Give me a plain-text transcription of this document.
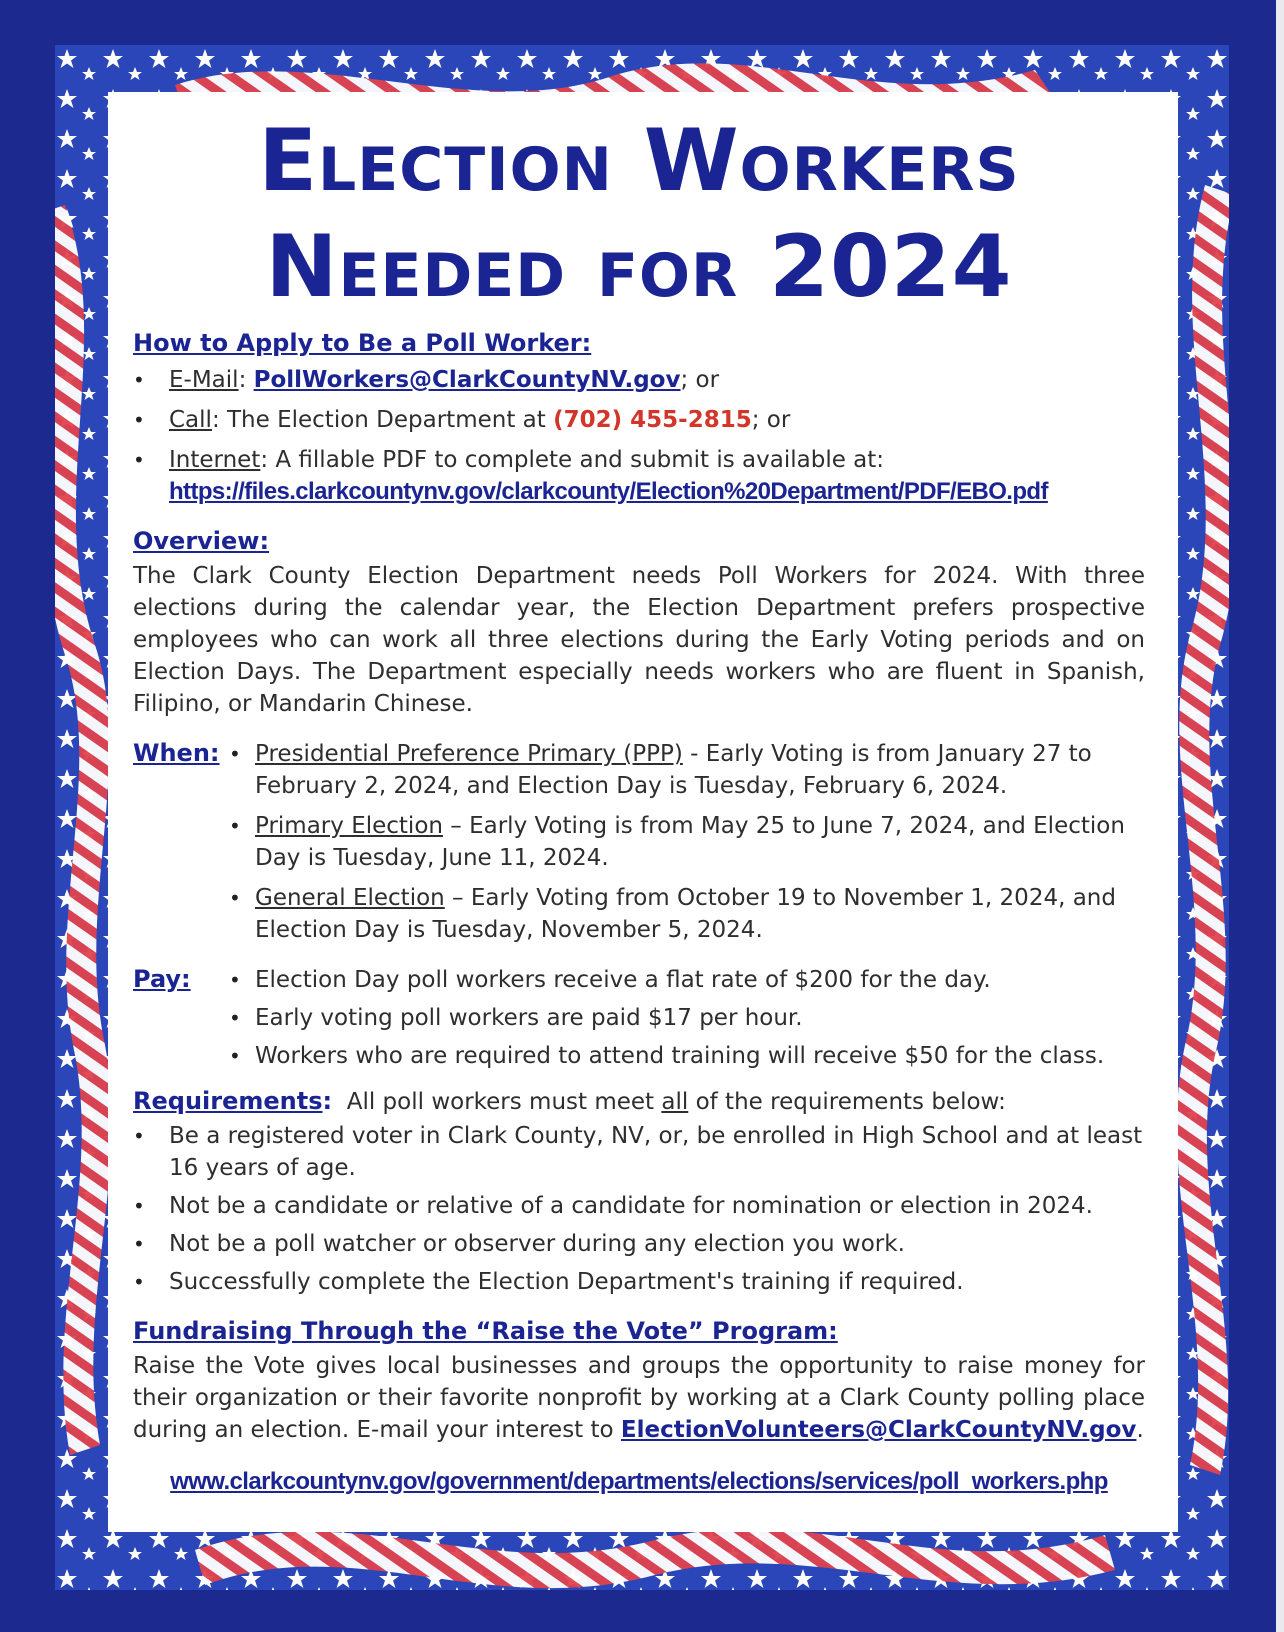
Election Workers
Needed for 2024
How to Apply to Be a Poll Worker:
• E-Mail: PollWorkers@ClarkCountyNV.gov; or
• Call: The Election Department at (702) 455-2815; or
• Internet: A fillable PDF to complete and submit is available at:
https://files.clarkcountynv.gov/clarkcounty/Election%20Department/PDF/EBO.pdf
Overview:
The Clark County Election Department needs Poll Workers for 2024. With three elections during the calendar year, the Election Department prefers prospective employees who can work all three elections during the Early Voting periods and on Election Days. The Department especially needs workers who are fluent in Spanish, Filipino, or Mandarin Chinese.
When:	• Presidential Preference Primary (PPP) - Early Voting is from January 27 to February 2, 2024, and Election Day is Tuesday, February 6, 2024.
• Primary Election – Early Voting is from May 25 to June 7, 2024, and Election Day is Tuesday, June 11, 2024.
• General Election – Early Voting from October 19 to November 1, 2024, and Election Day is Tuesday, November 5, 2024.
Pay:	• Election Day poll workers receive a flat rate of $200 for the day.
• Early voting poll workers are paid $17 per hour.
• Workers who are required to attend training will receive $50 for the class.
Requirements: All poll workers must meet all of the requirements below:
• Be a registered voter in Clark County, NV, or, be enrolled in High School and at least 16 years of age.
• Not be a candidate or relative of a candidate for nomination or election in 2024.
• Not be a poll watcher or observer during any election you work.
• Successfully complete the Election Department's training if required.
Fundraising Through the “Raise the Vote” Program:
Raise the Vote gives local businesses and groups the opportunity to raise money for their organization or their favorite nonprofit by working at a Clark County polling place during an election. E-mail your interest to ElectionVolunteers@ClarkCountyNV.gov.
www.clarkcountynv.gov/government/departments/elections/services/poll_workers.php
